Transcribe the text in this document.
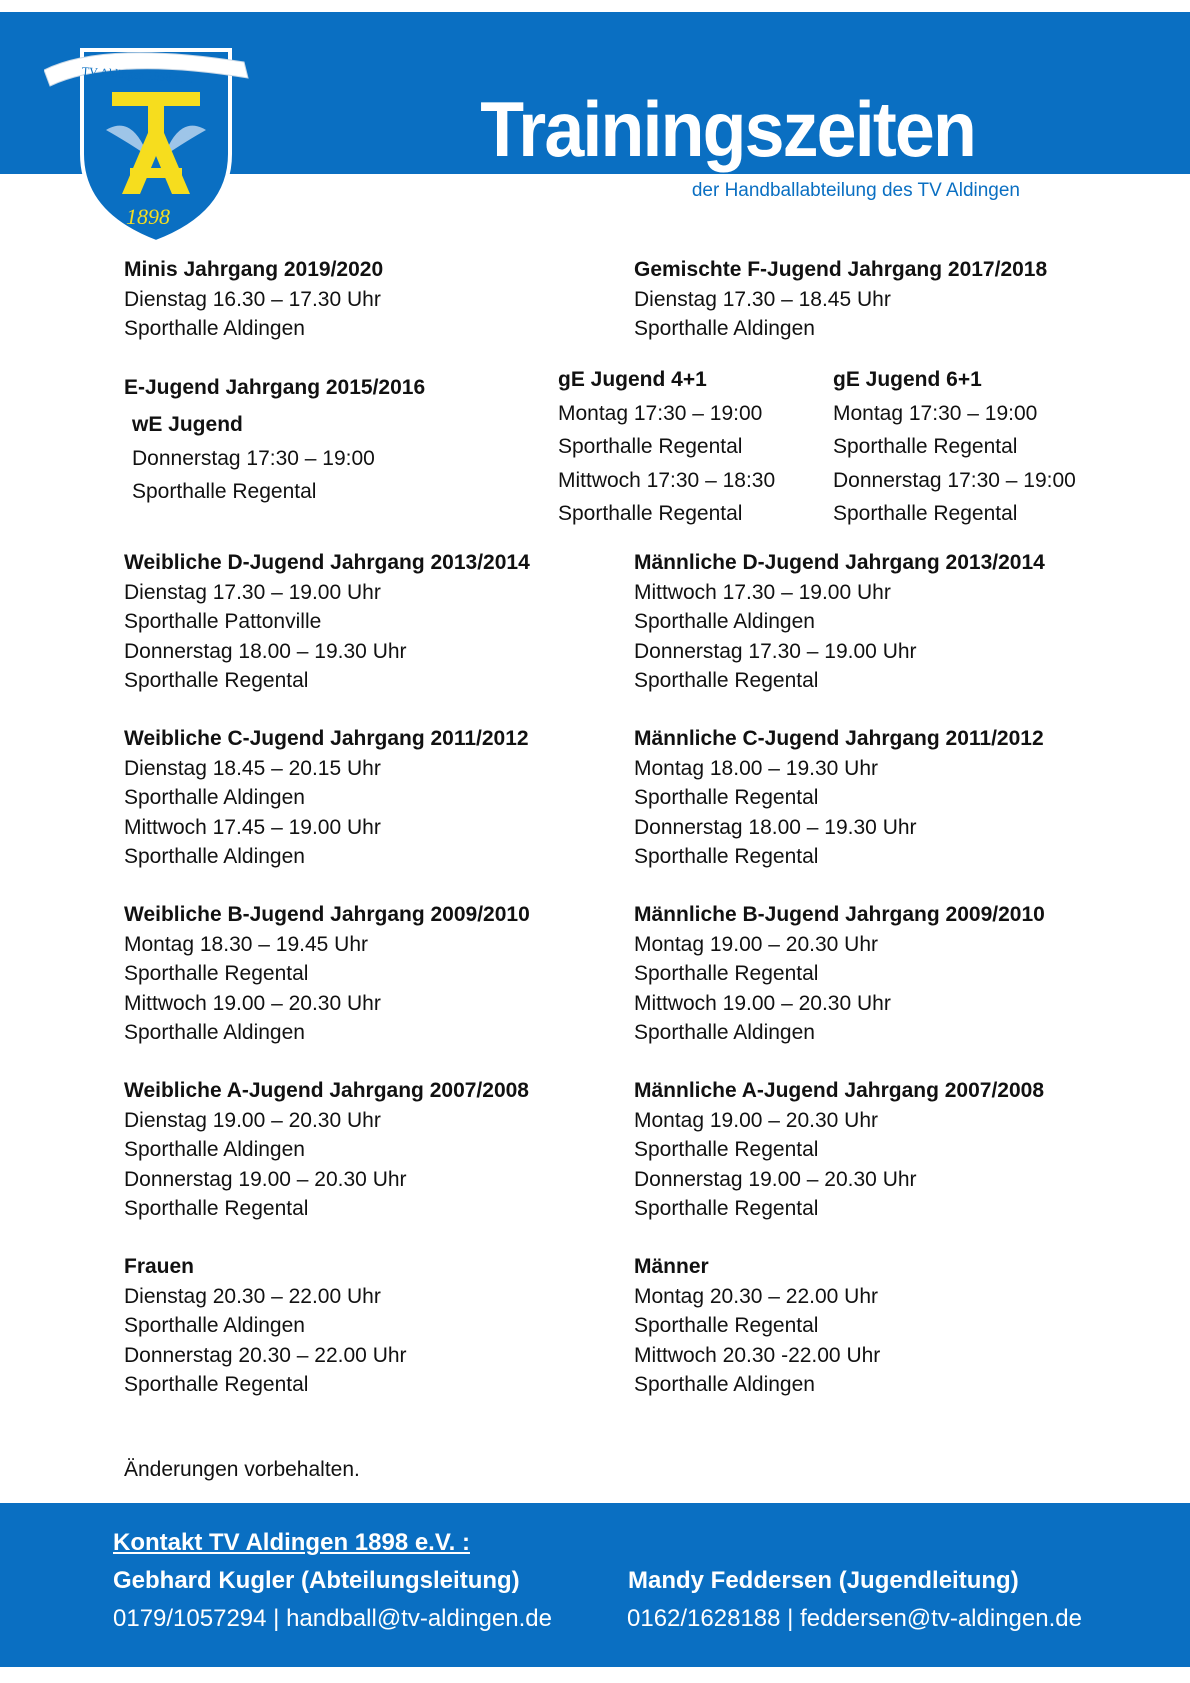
TV Aldingen 1898 e.V.
1898
Trainingszeiten
der Handballabteilung des TV Aldingen
Minis Jahrgang 2019/2020
Dienstag 16.30 – 17.30 Uhr
Sporthalle Aldingen
Gemischte F-Jugend Jahrgang 2017/2018
Dienstag 17.30 – 18.45 Uhr
Sporthalle Aldingen
E-Jugend Jahrgang 2015/2016
wE Jugend
Donnerstag 17:30 – 19:00
Sporthalle Regental
gE Jugend 4+1
Montag 17:30 – 19:00
Sporthalle Regental
Mittwoch 17:30 – 18:30
Sporthalle Regental
gE Jugend 6+1
Montag 17:30 – 19:00
Sporthalle Regental
Donnerstag 17:30 – 19:00
Sporthalle Regental
Weibliche D-Jugend Jahrgang 2013/2014
Dienstag 17.30 – 19.00 Uhr
Sporthalle Pattonville
Donnerstag 18.00 – 19.30 Uhr
Sporthalle Regental
Männliche D-Jugend Jahrgang 2013/2014
Mittwoch 17.30 – 19.00 Uhr
Sporthalle Aldingen
Donnerstag 17.30 – 19.00 Uhr
Sporthalle Regental
Weibliche C-Jugend Jahrgang 2011/2012
Dienstag 18.45 – 20.15 Uhr
Sporthalle Aldingen
Mittwoch 17.45 – 19.00 Uhr
Sporthalle Aldingen
Männliche C-Jugend Jahrgang 2011/2012
Montag 18.00 – 19.30 Uhr
Sporthalle Regental
Donnerstag 18.00 – 19.30 Uhr
Sporthalle Regental
Weibliche B-Jugend Jahrgang 2009/2010
Montag 18.30 – 19.45 Uhr
Sporthalle Regental
Mittwoch 19.00 – 20.30 Uhr
Sporthalle Aldingen
Männliche B-Jugend Jahrgang 2009/2010
Montag 19.00 – 20.30 Uhr
Sporthalle Regental
Mittwoch 19.00 – 20.30 Uhr
Sporthalle Aldingen
Weibliche A-Jugend Jahrgang 2007/2008
Dienstag 19.00 – 20.30 Uhr
Sporthalle Aldingen
Donnerstag 19.00 – 20.30 Uhr
Sporthalle Regental
Männliche A-Jugend Jahrgang 2007/2008
Montag 19.00 – 20.30 Uhr
Sporthalle Regental
Donnerstag 19.00 – 20.30 Uhr
Sporthalle Regental
Frauen
Dienstag 20.30 – 22.00 Uhr
Sporthalle Aldingen
Donnerstag 20.30 – 22.00 Uhr
Sporthalle Regental
Männer
Montag 20.30 – 22.00 Uhr
Sporthalle Regental
Mittwoch 20.30 -22.00 Uhr
Sporthalle Aldingen
Änderungen vorbehalten.
Kontakt TV Aldingen 1898 e.V. :
Gebhard Kugler (Abteilungsleitung)
0179/1057294 | handball@tv-aldingen.de
Mandy Feddersen (Jugendleitung)
0162/1628188 | feddersen@tv-aldingen.de
